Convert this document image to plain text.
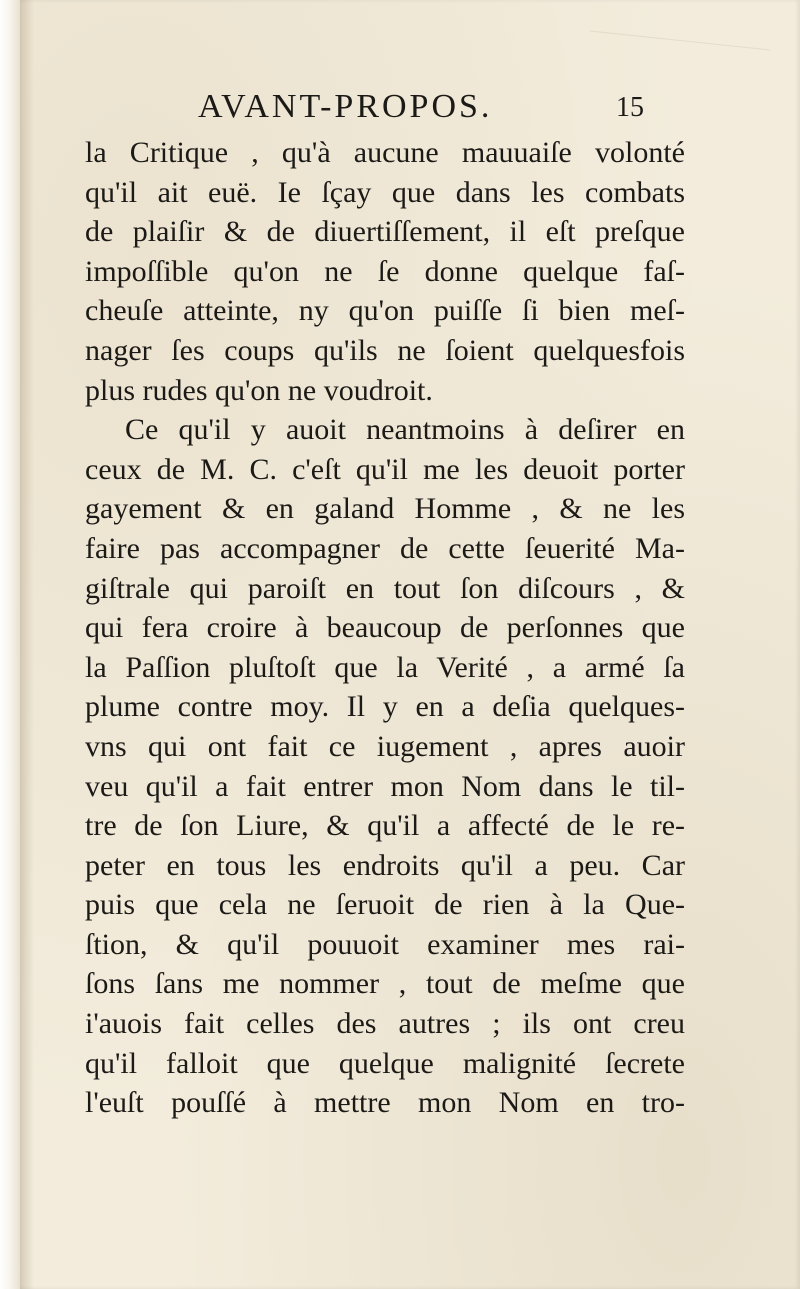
AVANT-PROPOS.	15
la Critique , qu'à aucune mauuaiſe volonté
qu'il ait euë. Ie ſçay que dans les combats
de plaiſir & de diuertiſſement, il eſt preſque
impoſſible qu'on ne ſe donne quelque faſ-
cheuſe atteinte, ny qu'on puiſſe ſi bien meſ-
nager ſes coups qu'ils ne ſoient quelquesfois
plus rudes qu'on ne voudroit.
Ce qu'il y auoit neantmoins à deſirer en
ceux de M. C. c'eſt qu'il me les deuoit porter
gayement & en galand Homme , & ne les
faire pas accompagner de cette ſeuerité Ma-
giſtrale qui paroiſt en tout ſon diſcours , &
qui fera croire à beaucoup de perſonnes que
la Paſſion pluſtoſt que la Verité , a armé ſa
plume contre moy. Il y en a deſia quelques-
vns qui ont fait ce iugement , apres auoir
veu qu'il a fait entrer mon Nom dans le til-
tre de ſon Liure, & qu'il a affecté de le re-
peter en tous les endroits qu'il a peu. Car
puis que cela ne ſeruoit de rien à la Que-
ſtion, & qu'il pouuoit examiner mes rai-
ſons ſans me nommer , tout de meſme que
i'auois fait celles des autres ; ils ont creu
qu'il falloit que quelque malignité ſecrete
l'euſt pouſſé à mettre mon Nom en tro-
